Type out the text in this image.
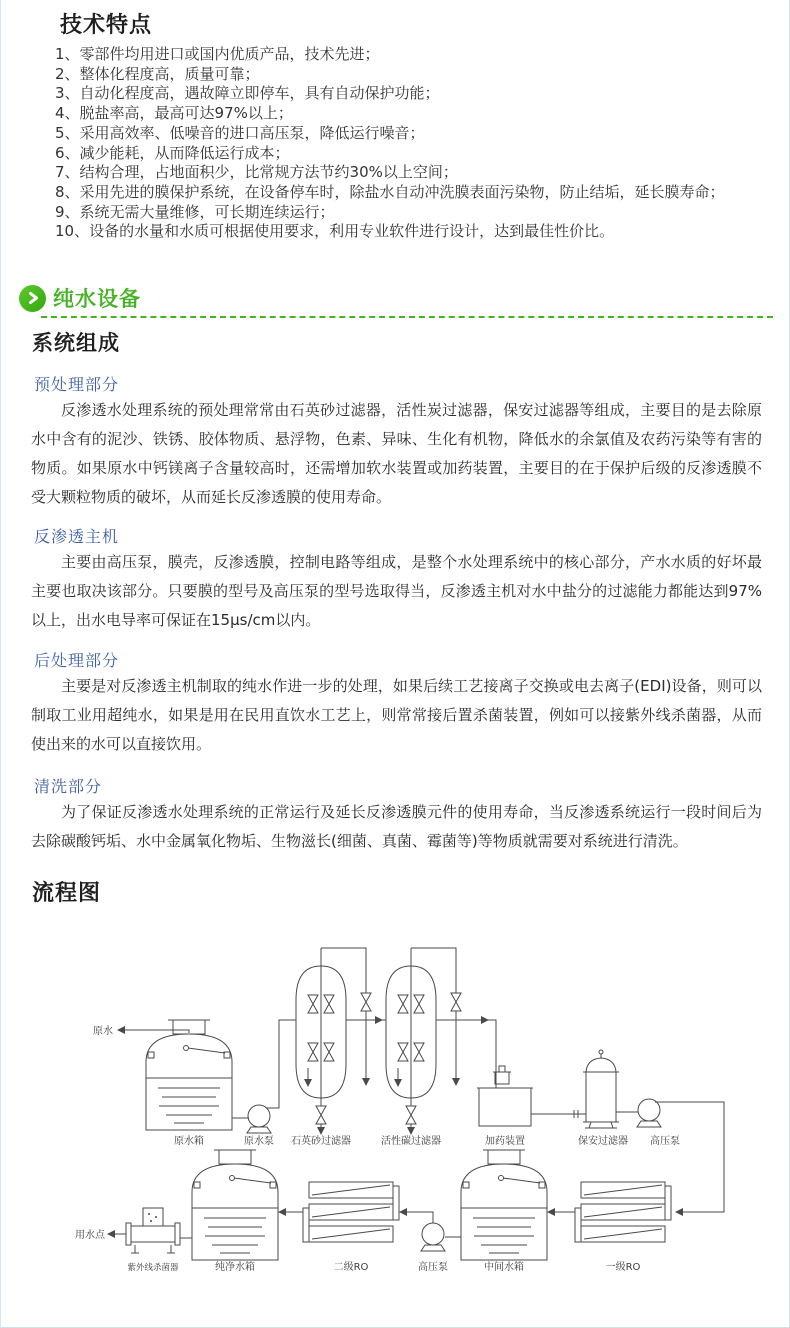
技术特点
1、零部件均用进口或国内优质产品，技术先进；
2、整体化程度高，质量可靠；
3、自动化程度高，遇故障立即停车，具有自动保护功能；
4、脱盐率高，最高可达97%以上；
5、采用高效率、低噪音的进口高压泵，降低运行噪音；
6、减少能耗，从而降低运行成本；
7、结构合理，占地面积少，比常规方法节约30%以上空间；
8、采用先进的膜保护系统，在设备停车时，除盐水自动冲洗膜表面污染物，防止结垢，延长膜寿命；
9、系统无需大量维修，可长期连续运行；
10、设备的水量和水质可根据使用要求，利用专业软件进行设计，达到最佳性价比。
纯水设备
系统组成
预处理部分

反渗透水处理系统的预处理常常由石英砂过滤器，活性炭过滤器，保安过滤器等组成，主要目的是去除原水中含有的泥沙、铁锈、胶体物质、悬浮物，色素、异味、生化有机物，降低水的余氯值及农药污染等有害的物质。如果原水中钙镁离子含量较高时，还需增加软水装置或加药装置，主要目的在于保护后级的反渗透膜不受大颗粒物质的破坏，从而延长反渗透膜的使用寿命。

反渗透主机

主要由高压泵，膜壳，反渗透膜，控制电路等组成，是整个水处理系统中的核心部分，产水水质的好坏最主要也取决该部分。只要膜的型号及高压泵的型号选取得当，反渗透主机对水中盐分的过滤能力都能达到97%以上，出水电导率可保证在15μs/cm以内。

后处理部分

主要是对反渗透主机制取的纯水作进一步的处理，如果后续工艺接离子交换或电去离子(EDI)设备，则可以制取工业用超纯水，如果是用在民用直饮水工艺上，则常常接后置杀菌装置，例如可以接紫外线杀菌器，从而使出来的水可以直接饮用。

清洗部分

为了保证反渗透水处理系统的正常运行及延长反渗透膜元件的使用寿命，当反渗透系统运行一段时间后为去除碳酸钙垢、水中金属氧化物垢、生物滋长(细菌、真菌、霉菌等)等物质就需要对系统进行清洗。

流程图
原水
原水箱	原水泵 石英砂过滤器	活性碳过滤器	加药装置	保安过滤器 高压泵
用水点
紫外线杀菌器	纯净水箱	二级RO	高压泵	中间水箱	一级RO
